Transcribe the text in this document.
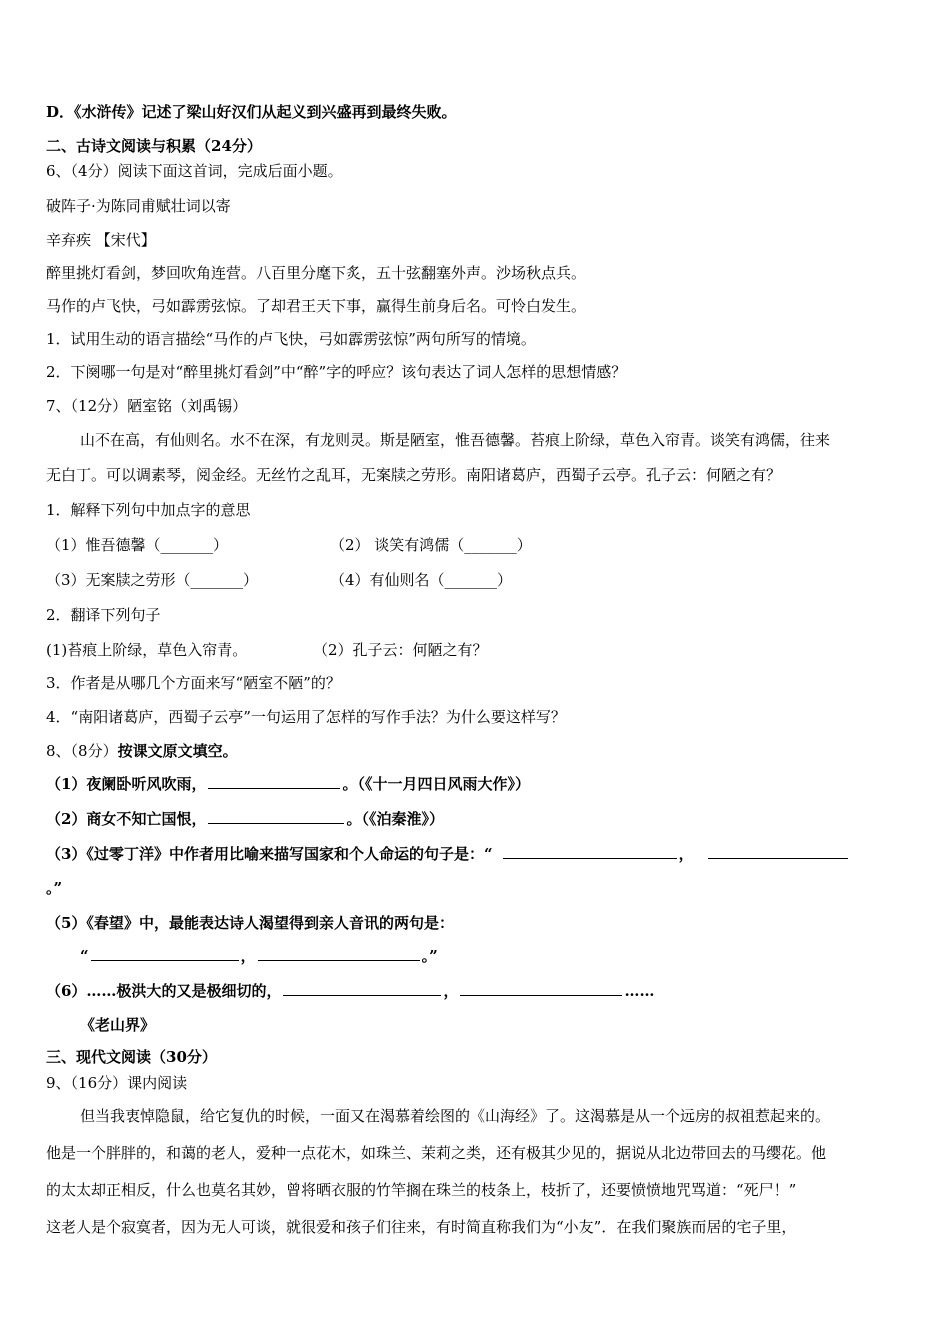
D．《水浒传》记述了梁山好汉们从起义到兴盛再到最终失败。
二、古诗文阅读与积累（24分）
6、（4分）阅读下面这首词，完成后面小题。
破阵子·为陈同甫赋壮词以寄
辛弃疾 【宋代】
醉里挑灯看剑，梦回吹角连营。八百里分麾下炙，五十弦翻塞外声。沙场秋点兵。
马作的卢飞快，弓如霹雳弦惊。了却君王天下事，赢得生前身后名。可怜白发生。
1．试用生动的语言描绘“马作的卢飞快，弓如霹雳弦惊”两句所写的情境。
2．下阕哪一句是对“醉里挑灯看剑”中“醉”字的呼应？该句表达了词人怎样的思想情感？
7、（12分）陋室铭（刘禹锡）
山不在高，有仙则名。水不在深，有龙则灵。斯是陋室，惟吾德馨。苔痕上阶绿，草色入帘青。谈笑有鸿儒，往来
无白丁。可以调素琴，阅金经。无丝竹之乱耳，无案牍之劳形。南阳诸葛庐，西蜀子云亭。孔子云：何陋之有？
1．解释下列句中加点字的意思
（1）惟吾德馨（_______）	（2） 谈笑有鸿儒（_______）
（3）无案牍之劳形（_______）	（4）有仙则名（_______）
2．翻译下列句子
(1)苔痕上阶绿，草色入帘青。	（2）孔子云：何陋之有？
3．作者是从哪几个方面来写“陋室不陋”的？
4．“南阳诸葛庐，西蜀子云亭”一句运用了怎样的写作手法？为什么要这样写？
8、（8分）按课文原文填空。
（1）夜阑卧听风吹雨，	。（《十一月四日风雨大作》）
（2）商女不知亡国恨，	。（《泊秦淮》）
（3）《过零丁洋》中作者用比喻来描写国家和个人命运的句子是：“	，
。”
（5）《春望》中，最能表达诗人渴望得到亲人音讯的两句是：
“	，	。”
（6）……极洪大的又是极细切的，	，	……
《老山界》
三、现代文阅读（30分）
9、（16分）课内阅读
但当我衷悼隐鼠，给它复仇的时候，一面又在渴慕着绘图的《山海经》了。这渴慕是从一个远房的叔祖惹起来的。
他是一个胖胖的，和蔼的老人，爱种一点花木，如珠兰、茉莉之类，还有极其少见的，据说从北边带回去的马缨花。他
的太太却正相反，什么也莫名其妙，曾将晒衣服的竹竿搁在珠兰的枝条上，枝折了，还要愤愤地咒骂道：“死尸！”
这老人是个寂寞者，因为无人可谈，就很爱和孩子们往来，有时简直称我们为“小友”．在我们聚族而居的宅子里，
